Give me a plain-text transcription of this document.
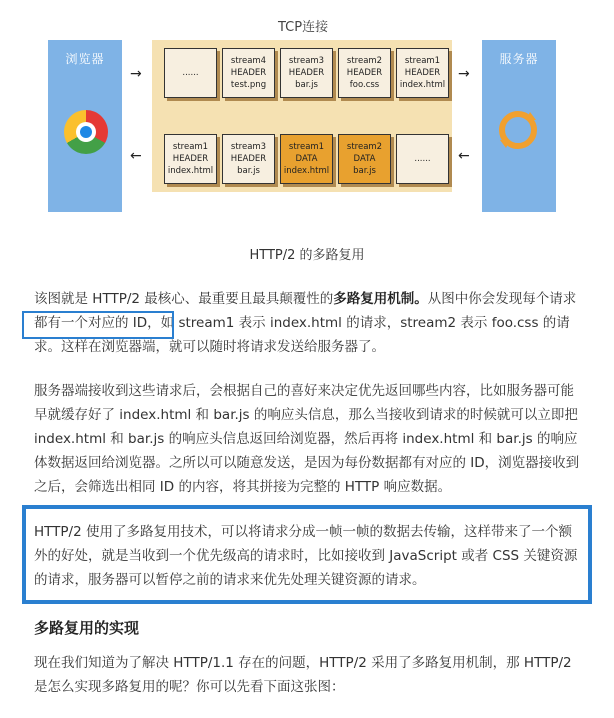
TCP连接
浏览器
......
stream4
HEADER
test.png
stream3
HEADER
bar.js
stream2
HEADER
foo.css
stream1
HEADER
index.html
stream1
HEADER
index.html
stream3
HEADER
bar.js
stream1
DATA
index.html
stream2
DATA
bar.js
......
服务器
→	→
←	←
HTTP/2 的多路复用
该图就是 HTTP/2 最核心、最重要且最具颠覆性的多路复用机制。从图中你会发现每个请求都有一个对应的 ID，如 stream1 表示 index.html 的请求，stream2 表示 foo.css 的请求。这样在浏览器端，就可以随时将请求发送给服务器了。
服务器端接收到这些请求后，会根据自己的喜好来决定优先返回哪些内容，比如服务器可能早就缓存好了 index.html 和 bar.js 的响应头信息，那么当接收到请求的时候就可以立即把 index.html 和 bar.js 的响应头信息返回给浏览器，然后再将 index.html 和 bar.js 的响应体数据返回给浏览器。之所以可以随意发送，是因为每份数据都有对应的 ID，浏览器接收到之后，会筛选出相同 ID 的内容，将其拼接为完整的 HTTP 响应数据。
HTTP/2 使用了多路复用技术，可以将请求分成一帧一帧的数据去传输，这样带来了一个额外的好处，就是当收到一个优先级高的请求时，比如接收到 JavaScript 或者 CSS 关键资源的请求，服务器可以暂停之前的请求来优先处理关键资源的请求。
多路复用的实现
现在我们知道为了解决 HTTP/1.1 存在的问题，HTTP/2 采用了多路复用机制，那 HTTP/2 是怎么实现多路复用的呢？你可以先看下面这张图：
